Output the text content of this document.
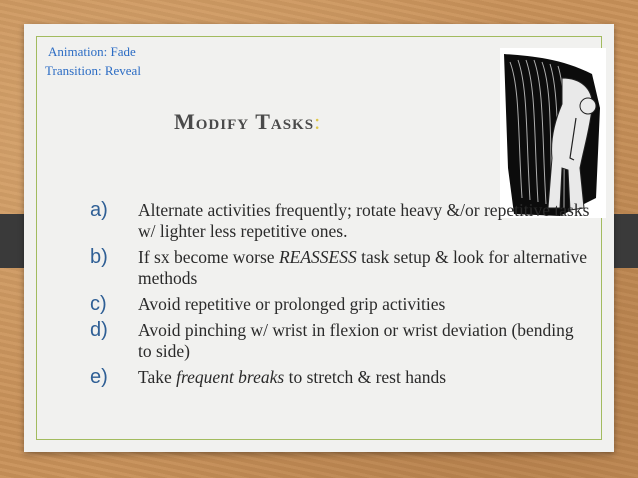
Animation: Fade
Transition: Reveal
Modify Tasks:
a)	Alternate activities frequently; rotate heavy &/or repetitive tasks w/ lighter less repetitive ones.
b)	If sx become worse REASSESS task setup & look for alternative methods
c)	Avoid repetitive or prolonged grip activities
d)	Avoid pinching w/ wrist in flexion or wrist deviation (bending to side)
e)	Take frequent breaks to stretch & rest hands
